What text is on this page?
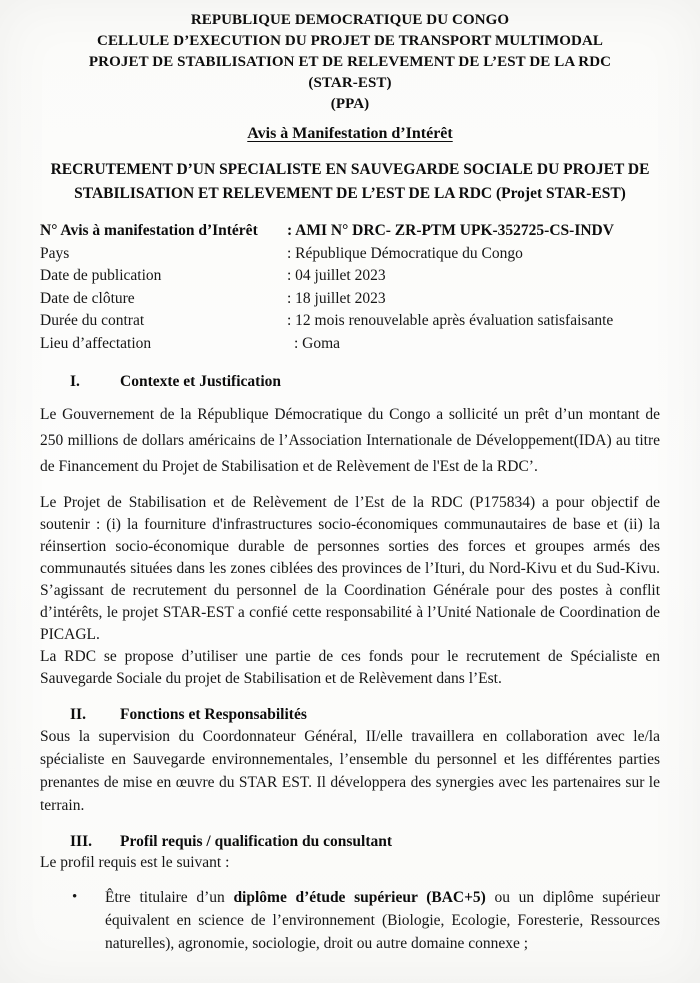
REPUBLIQUE DEMOCRATIQUE DU CONGO
CELLULE D’EXECUTION DU PROJET DE TRANSPORT MULTIMODAL
PROJET DE STABILISATION ET DE RELEVEMENT DE L’EST DE LA RDC
(STAR-EST)
(PPA)
Avis à Manifestation d’Intérêt
RECRUTEMENT D’UN SPECIALISTE EN SAUVEGARDE SOCIALE DU PROJET DE STABILISATION ET RELEVEMENT DE L’EST DE LA RDC (Projet STAR-EST)
N° Avis à manifestation d’Intérêt	: AMI N° DRC- ZR-PTM UPK-352725-CS-INDV
Pays	: République Démocratique du Congo
Date de publication	: 04 juillet 2023
Date de clôture	: 18 juillet 2023
Durée du contrat	: 12 mois renouvelable après évaluation satisfaisante
Lieu d’affectation	: Goma
I.	Contexte et Justification

Le Gouvernement de la République Démocratique du Congo a sollicité un prêt d’un montant de 250 millions de dollars américains de l’Association Internationale de Développement(IDA) au titre de Financement du Projet de Stabilisation et de Relèvement de l'Est de la RDC’.

Le Projet de Stabilisation et de Relèvement de l’Est de la RDC (P175834) a pour objectif de soutenir : (i) la fourniture d'infrastructures socio-économiques communautaires de base et (ii) la réinsertion socio-économique durable de personnes sorties des forces et groupes armés des communautés situées dans les zones ciblées des provinces de l’Ituri, du Nord-Kivu et du Sud-Kivu. S’agissant de recrutement du personnel de la Coordination Générale pour des postes à conflit d’intérêts, le projet STAR-EST a confié cette responsabilité à l’Unité Nationale de Coordination de PICAGL.

La RDC se propose d’utiliser une partie de ces fonds pour le recrutement de Spécialiste en Sauvegarde Sociale du projet de Stabilisation et de Relèvement dans l’Est.

II. Fonctions et Responsabilités

Sous la supervision du Coordonnateur Général, II/elle travaillera en collaboration avec le/la spécialiste en Sauvegarde environnementales, l’ensemble du personnel et les différentes parties prenantes de mise en œuvre du STAR EST. Il développera des synergies avec les partenaires sur le terrain.

III. Profil requis / qualification du consultant
Le profil requis est le suivant :
•	Être titulaire d’un diplôme d’étude supérieur (BAC+5) ou un diplôme supérieur équivalent en science de l’environnement (Biologie, Ecologie, Foresterie, Ressources naturelles), agronomie, sociologie, droit ou autre domaine connexe ;
